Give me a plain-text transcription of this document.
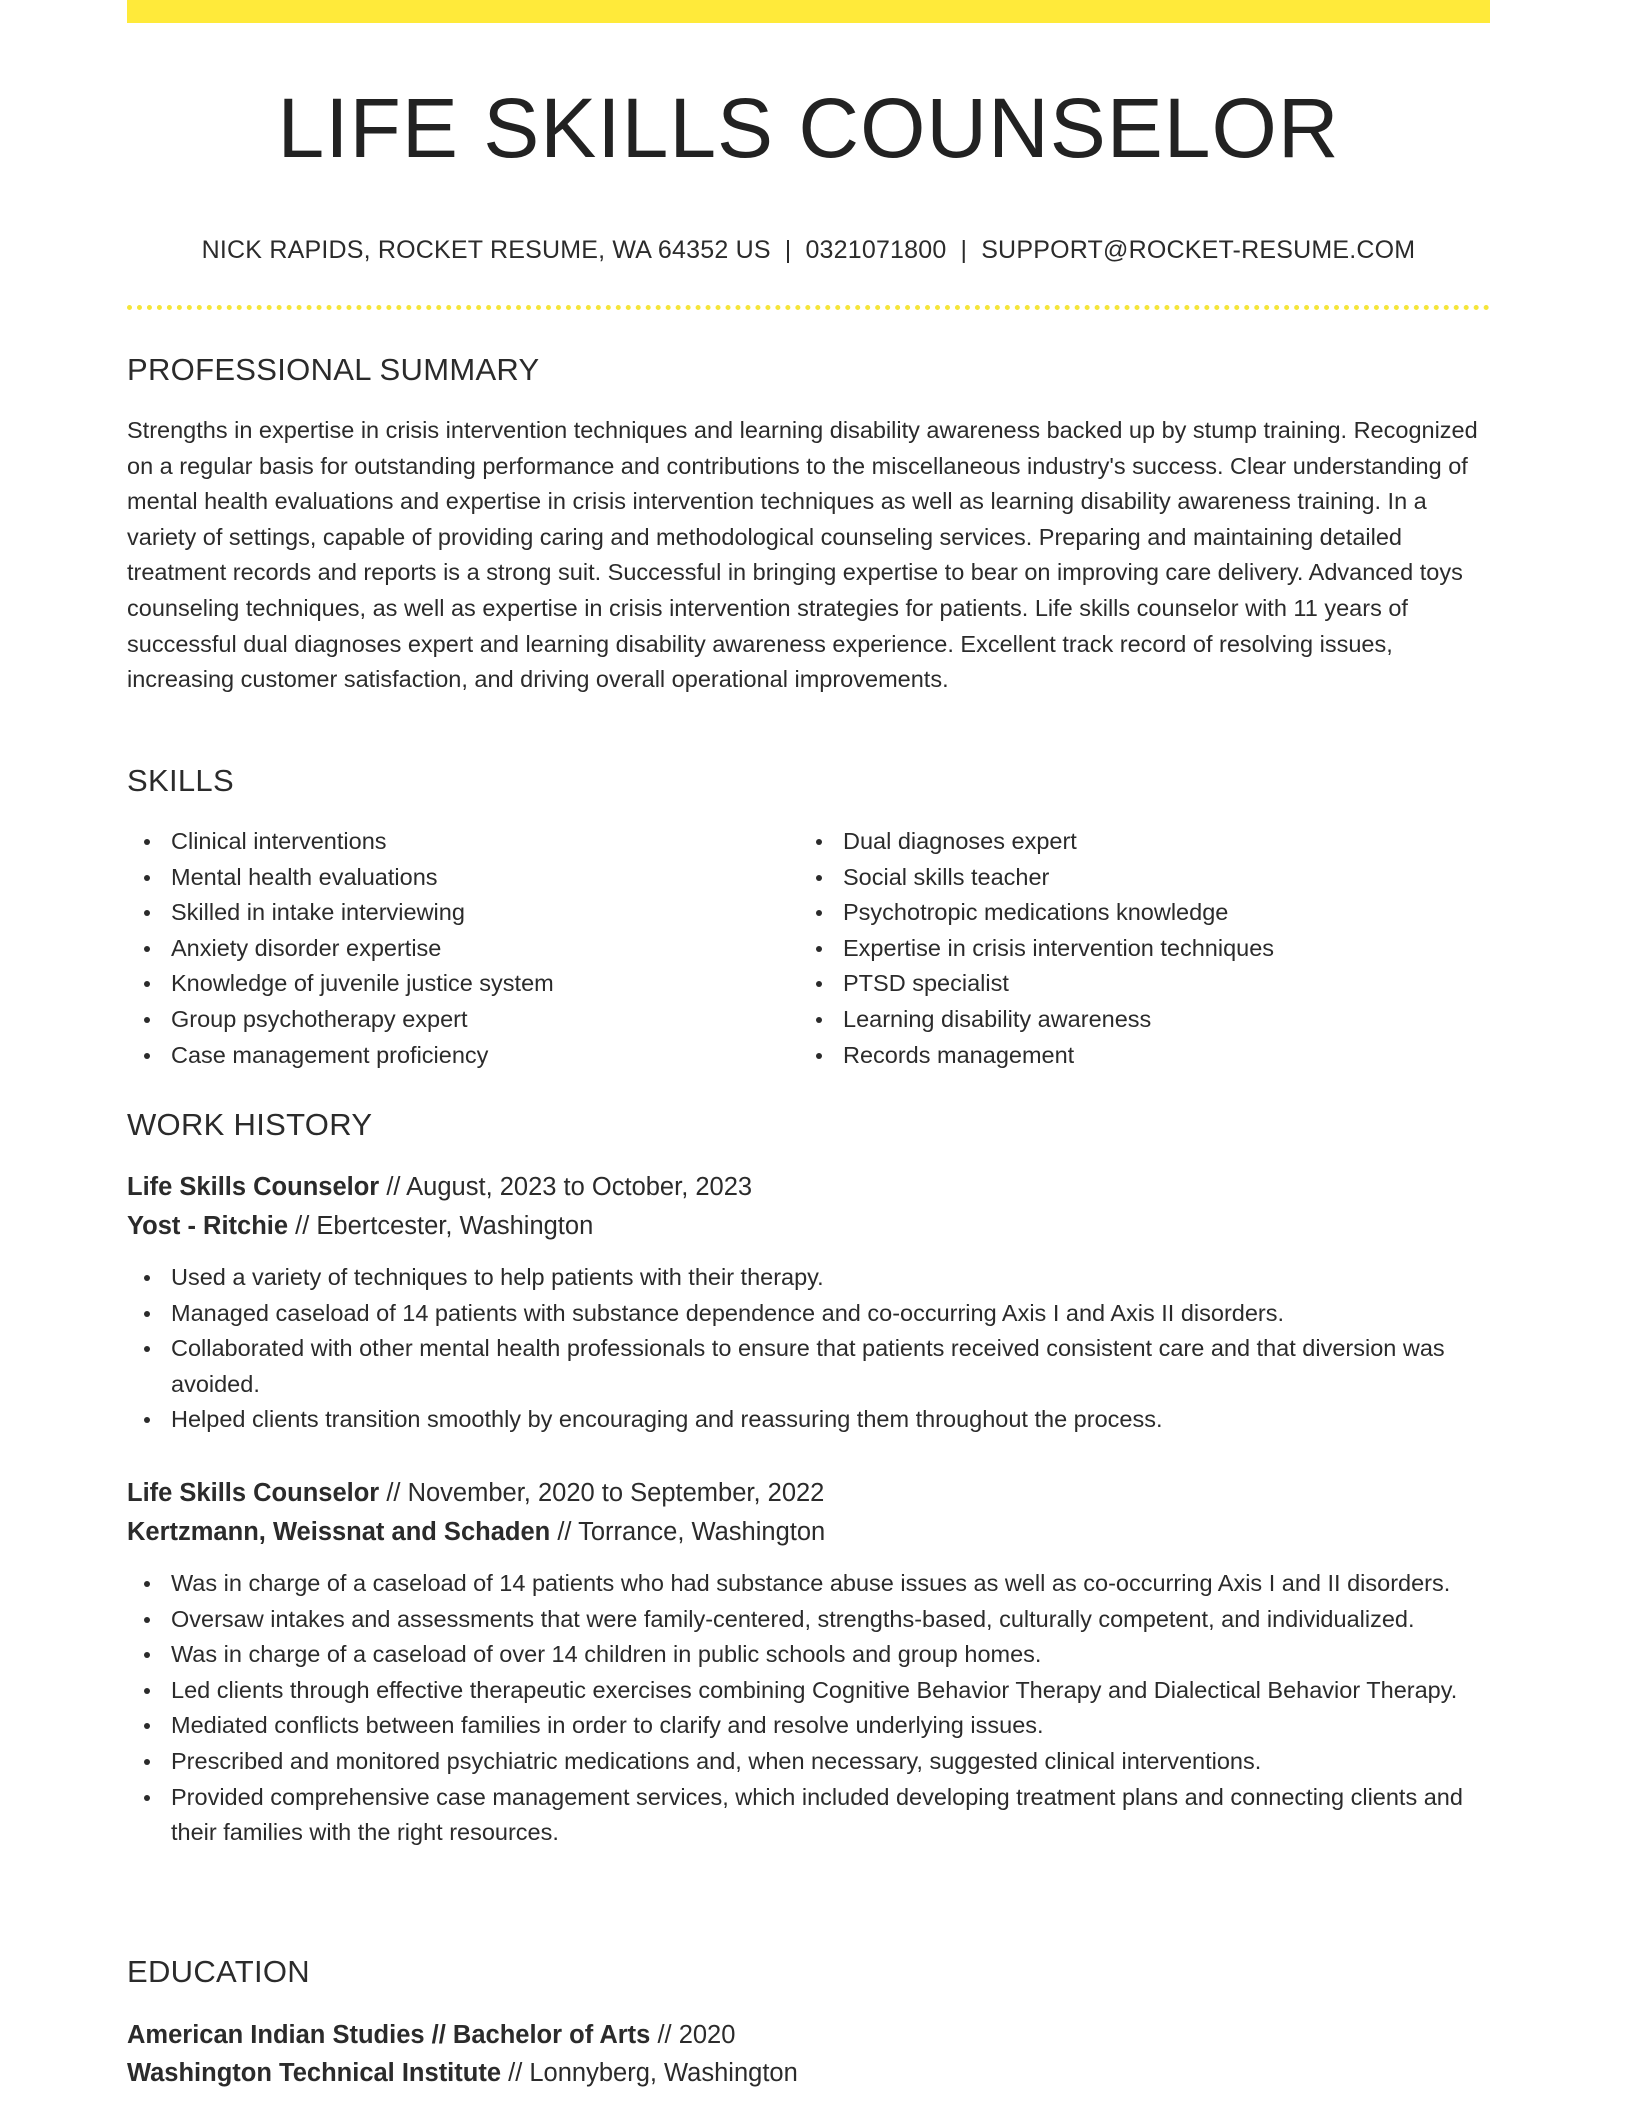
LIFE SKILLS COUNSELOR
NICK RAPIDS, ROCKET RESUME, WA 64352 US | 0321071800 | SUPPORT@ROCKET-RESUME.COM
PROFESSIONAL SUMMARY

Strengths in expertise in crisis intervention techniques and learning disability awareness backed up by stump training. Recognized on a regular basis for outstanding performance and contributions to the miscellaneous industry's success. Clear understanding of mental health evaluations and expertise in crisis intervention techniques as well as learning disability awareness training. In a variety of settings, capable of providing caring and methodological counseling services. Preparing and maintaining detailed treatment records and reports is a strong suit. Successful in bringing expertise to bear on improving care delivery. Advanced toys counseling techniques, as well as expertise in crisis intervention strategies for patients. Life skills counselor with 11 years of successful dual diagnoses expert and learning disability awareness experience. Excellent track record of resolving issues, increasing customer satisfaction, and driving overall operational improvements.

SKILLS
Clinical interventions
Mental health evaluations
Skilled in intake interviewing
Anxiety disorder expertise
Knowledge of juvenile justice system
Group psychotherapy expert
Case management proficiency
Dual diagnoses expert
Social skills teacher
Psychotropic medications knowledge
Expertise in crisis intervention techniques
PTSD specialist
Learning disability awareness
Records management
WORK HISTORY
Life Skills Counselor // August, 2023 to October, 2023
Yost - Ritchie // Ebertcester, Washington
Used a variety of techniques to help patients with their therapy.
Managed caseload of 14 patients with substance dependence and co-occurring Axis I and Axis II disorders.
Collaborated with other mental health professionals to ensure that patients received consistent care and that diversion was avoided.
Helped clients transition smoothly by encouraging and reassuring them throughout the process.
Life Skills Counselor // November, 2020 to September, 2022
Kertzmann, Weissnat and Schaden // Torrance, Washington
Was in charge of a caseload of 14 patients who had substance abuse issues as well as co-occurring Axis I and II disorders.
Oversaw intakes and assessments that were family-centered, strengths-based, culturally competent, and individualized.
Was in charge of a caseload of over 14 children in public schools and group homes.
Led clients through effective therapeutic exercises combining Cognitive Behavior Therapy and Dialectical Behavior Therapy.
Mediated conflicts between families in order to clarify and resolve underlying issues.
Prescribed and monitored psychiatric medications and, when necessary, suggested clinical interventions.
Provided comprehensive case management services, which included developing treatment plans and connecting clients and their families with the right resources.
EDUCATION
American Indian Studies // Bachelor of Arts // 2020
Washington Technical Institute // Lonnyberg, Washington
